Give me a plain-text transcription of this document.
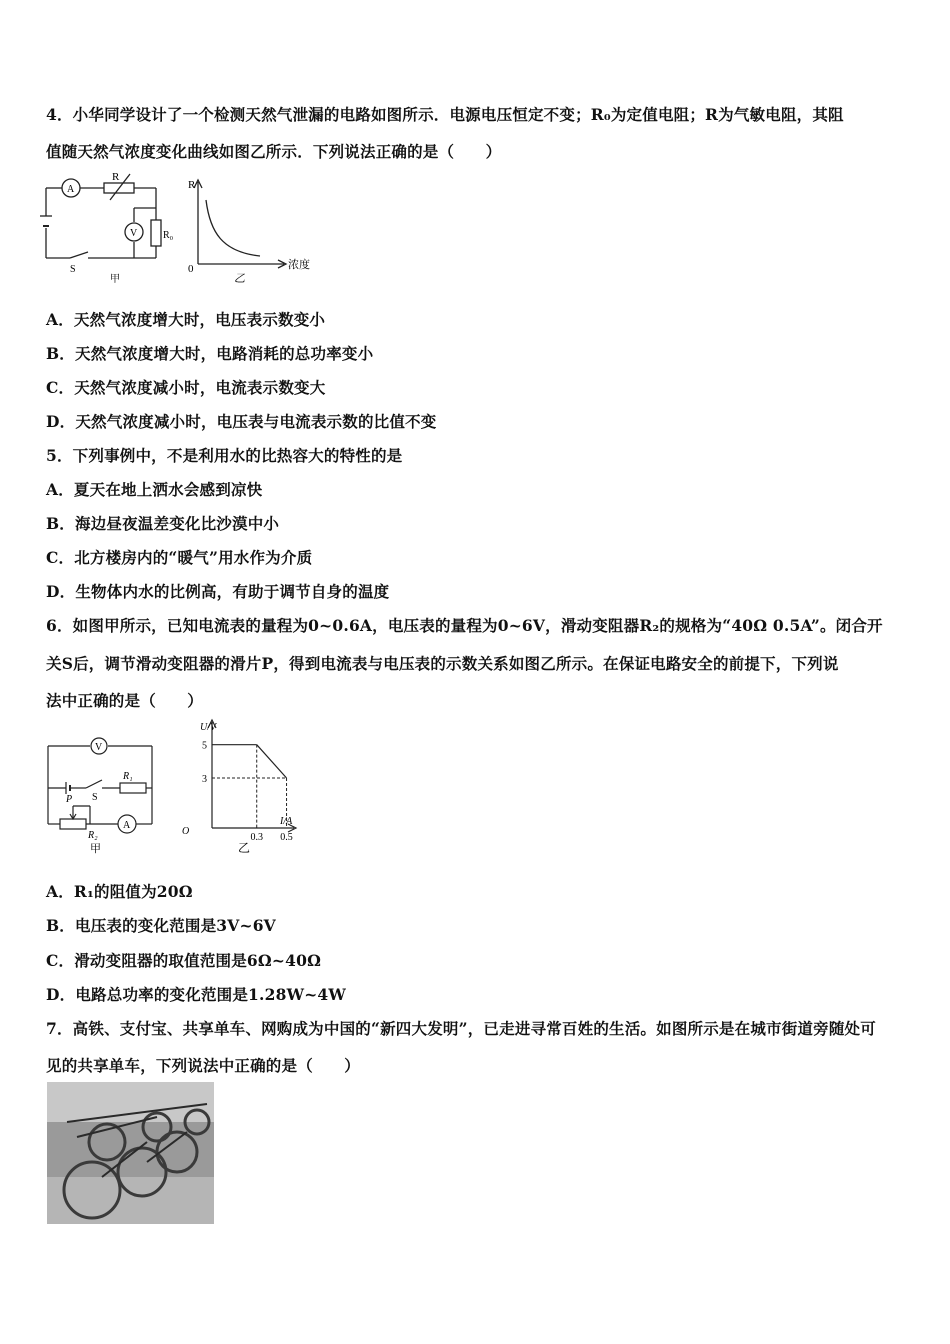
4．小华同学设计了一个检测天然气泄漏的电路如图所示．电源电压恒定不变；R₀为定值电阻；R为气敏电阻，其阻
值随天然气浓度变化曲线如图乙所示．下列说法正确的是（　　）
A
R
V	R₀
S
甲
R
浓度
0
乙
A．天然气浓度增大时，电压表示数变小
B．天然气浓度增大时，电路消耗的总功率变小
C．天然气浓度减小时，电流表示数变大
D．天然气浓度减小时，电压表与电流表示数的比值不变
5．下列事例中，不是利用水的比热容大的特性的是
A．夏天在地上洒水会感到凉快
B．海边昼夜温差变化比沙漠中小
C．北方楼房内的“暖气”用水作为介质
D．生物体内水的比例高，有助于调节自身的温度
6．如图甲所示，已知电流表的量程为0~0.6A，电压表的量程为0~6V，滑动变阻器R₂的规格为“40Ω 0.5A”。闭合开
关S后，调节滑动变阻器的滑片P，得到电流表与电压表的示数关系如图乙所示。在保证电路安全的前提下，下列说
法中正确的是（　　）
V
R₁
S
P
R₂
A
甲
U/V
I/A
O
5
3
0.3 0.5
乙
A．R₁的阻值为20Ω
B．电压表的变化范围是3V~6V
C．滑动变阻器的取值范围是6Ω~40Ω
D．电路总功率的变化范围是1.28W~4W
7．高铁、支付宝、共享单车、网购成为中国的“新四大发明”，已走进寻常百姓的生活。如图所示是在城市街道旁随处可
见的共享单车，下列说法中正确的是（　　）
